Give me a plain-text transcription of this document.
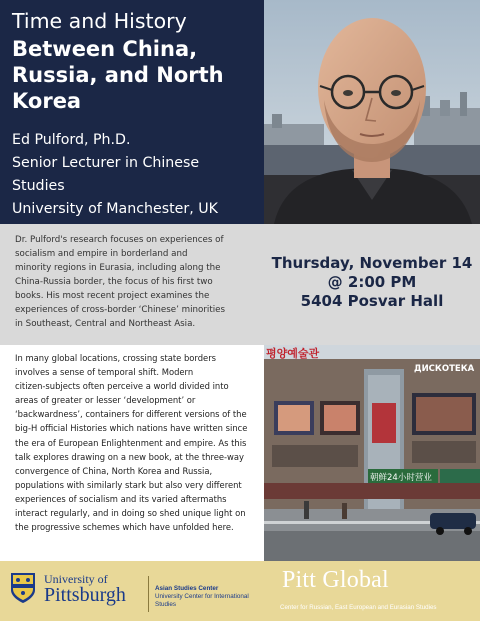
Time and History
Between China,
Russia, and North
Korea
Ed Pulford, Ph.D.
Senior Lecturer in Chinese Studies
University of Manchester, UK
Dr. Pulford's research focuses on experiences of
socialism and empire in borderland and
minority regions in Eurasia, including along the
China-Russia border, the focus of his first two
books. His most recent project examines the
experiences of cross-border ‘Chinese’ minorities
in Southeast, Central and Northeast Asia.
Thursday, November 14
@ 2:00 PM
5404 Posvar Hall
In many global locations, crossing state borders
involves a sense of temporal shift. Modern
citizen-subjects often perceive a world divided into
areas of greater or lesser ‘development’ or
‘backwardness’, containers for different versions of the
big-H official Histories which nations have written since
the era of European Enlightenment and empire. As this
talk explores drawing on a new book, at the three-way
convergence of China, North Korea and Russia,
populations with similarly stark but also very different
experiences of socialism and its varied aftermaths
interact regularly, and in doing so shed unique light on
the progressive schemes which have unfolded here.
평양예술관
ДИСКОТЕКА
朝鲜24小时营业
University of
Pittsburgh	Asian Studies Center
University Center for International Studies
Pitt Global
Center for Russian, East European and Eurasian Studies
